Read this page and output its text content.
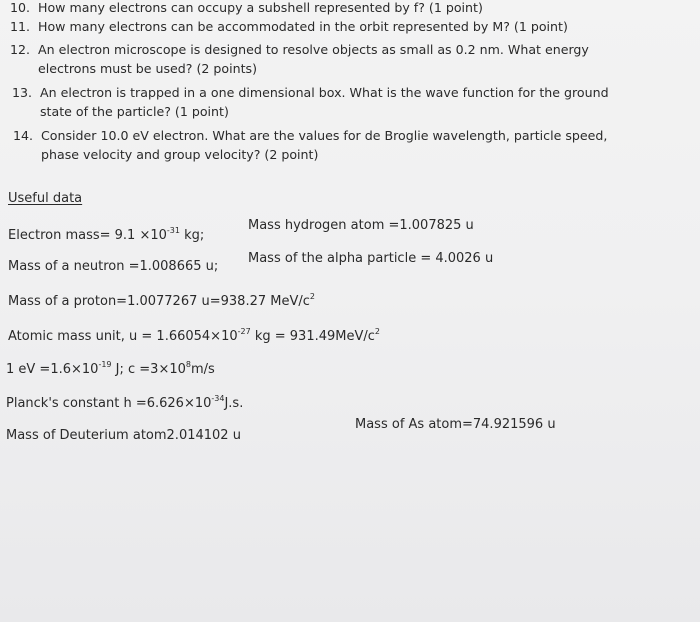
10. How many electrons can occupy a subshell represented by f? (1 point)
11. How many electrons can be accommodated in the orbit represented by M? (1 point)
12. An electron microscope is designed to resolve objects as small as 0.2 nm. What energy
electrons must be used? (2 points)
13. An electron is trapped in a one dimensional box. What is the wave function for the ground
state of the particle? (1 point)
14. Consider 10.0 eV electron. What are the values for de Broglie wavelength, particle speed,
phase velocity and group velocity? (2 point)
Useful data
Electron mass= $9.1 \times 10^{-31}$ kg;
Mass hydrogen atom =1.007825 u
Mass of a neutron =1.008665 u;
Mass of the alpha particle = 4.0026 u
Mass of a proton=1.0077267 u=938.27 MeV/$c^2$
Atomic mass unit, $u = 1.66054\times 10^{-27}$ kg = $931.49MeV/c^2$
1 eV $=1.6\times 10^{-19}$ J; $c =3\times 10^8m/s$
Planck's constant $h =6.626\times 10^{-34}J.s$.
Mass of Deuterium atom2.014102 u
Mass of As atom=74.921596 u
